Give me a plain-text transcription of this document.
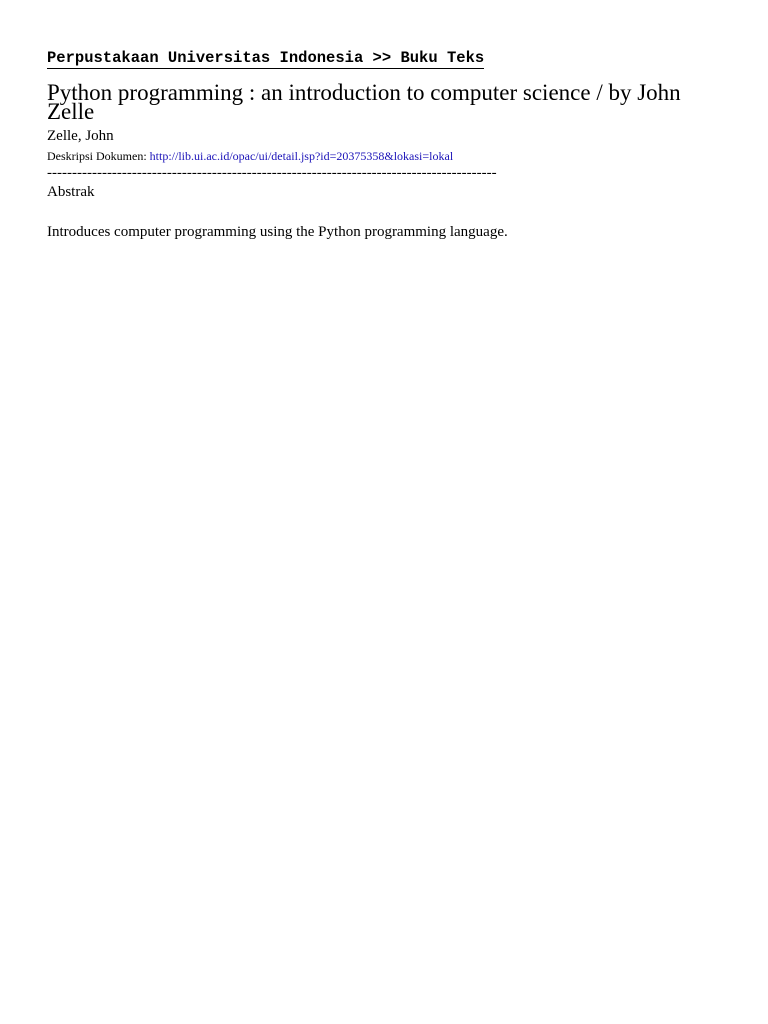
Perpustakaan Universitas Indonesia >> Buku Teks
Python programming : an introduction to computer science / by John Zelle
Zelle, John
Deskripsi Dokumen: http://lib.ui.ac.id/opac/ui/detail.jsp?id=20375358&lokasi=lokal
------------------------------------------------------------------------------------------
Abstrak
Introduces computer programming using the Python programming language.
